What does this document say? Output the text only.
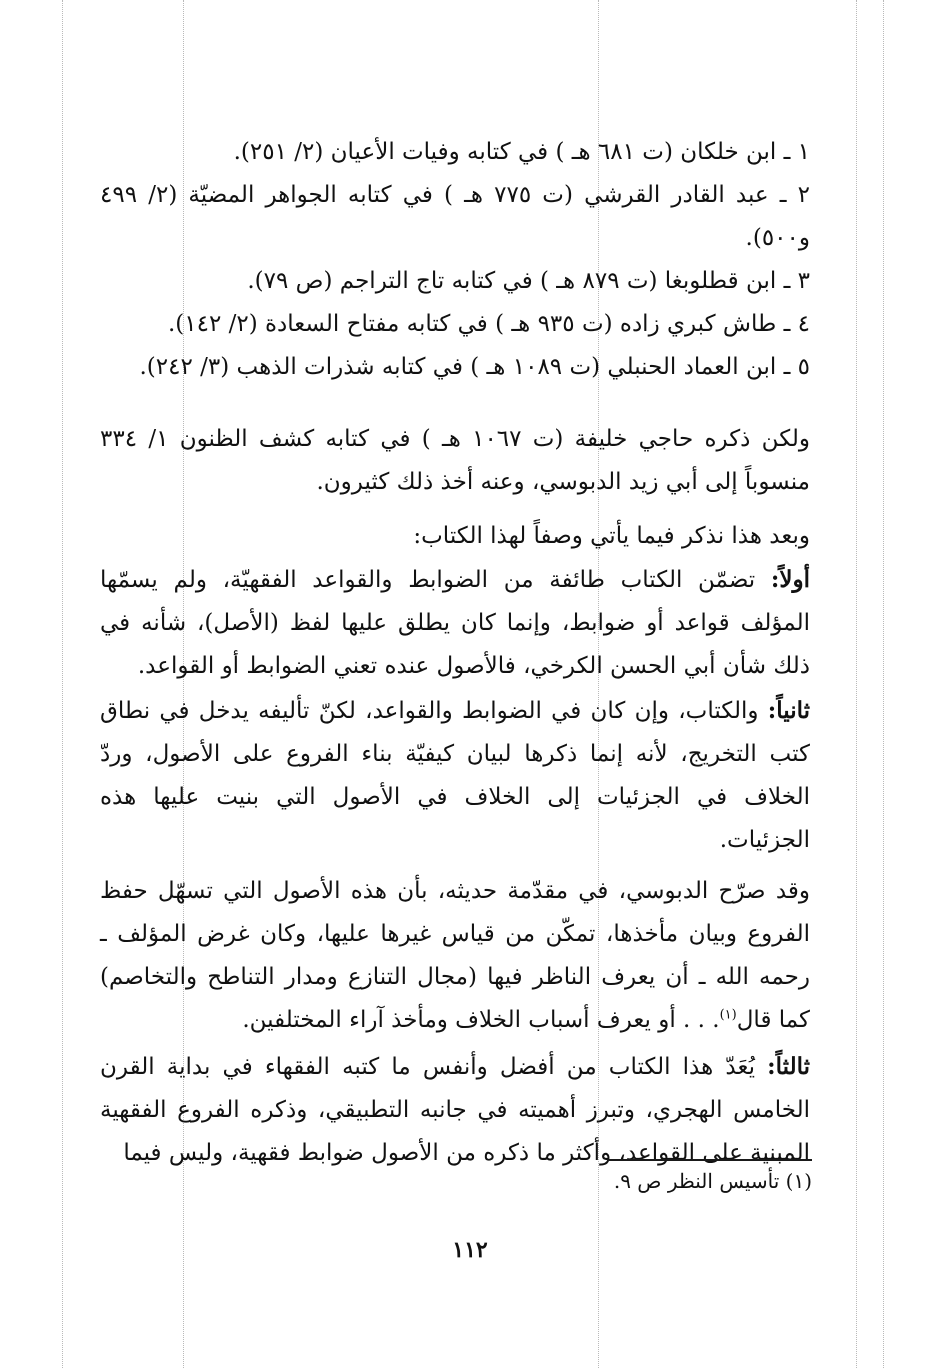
١ ـ ابن خلكان (ت ٦٨١ هـ ) في كتابه وفيات الأعيان (٢/ ٢٥١).
٢ ـ عبد القادر القرشي (ت ٧٧٥ هـ ) في كتابه الجواهر المضيّة (٢/ ٤٩٩ و٥٠٠).
٣ ـ ابن قطلوبغا (ت ٨٧٩ هـ ) في كتابه تاج التراجم (ص ٧٩).
٤ ـ طاش كبري زاده (ت ٩٣٥ هـ ) في كتابه مفتاح السعادة (٢/ ١٤٢).
٥ ـ ابن العماد الحنبلي (ت ١٠٨٩ هـ ) في كتابه شذرات الذهب (٣/ ٢٤٢).

ولكن ذكره حاجي خليفة (ت ١٠٦٧ هـ ) في كتابه كشف الظنون ١/ ٣٣٤ منسوباً إلى أبي زيد الدبوسي، وعنه أخذ ذلك كثيرون.

وبعد هذا نذكر فيما يأتي وصفاً لهذا الكتاب:

أولاً: تضمّن الكتاب طائفة من الضوابط والقواعد الفقهيّة، ولم يسمّها المؤلف قواعد أو ضوابط، وإنما كان يطلق عليها لفظ (الأصل)، شأنه في ذلك شأن أبي الحسن الكرخي، فالأصول عنده تعني الضوابط أو القواعد.

ثانياً: والكتاب، وإن كان في الضوابط والقواعد، لكنّ تأليفه يدخل في نطاق كتب التخريج، لأنه إنما ذكرها لبيان كيفيّة بناء الفروع على الأصول، وردّ الخلاف في الجزئيات إلى الخلاف في الأصول التي بنيت عليها هذه الجزئيات.

وقد صرّح الدبوسي، في مقدّمة حديثه، بأن هذه الأصول التي تسهّل حفظ الفروع وبيان مأخذها، تمكّن من قياس غيرها عليها، وكان غرض المؤلف ـ رحمه الله ـ أن يعرف الناظر فيها (مجال التنازع ومدار التناطح والتخاصم) كما قال$^{(١)}$. . . أو يعرف أسباب الخلاف ومأخذ آراء المختلفين.

ثالثاً: يُعَدّ هذا الكتاب من أفضل وأنفس ما كتبه الفقهاء في بداية القرن الخامس الهجري، وتبرز أهميته في جانبه التطبيقي، وذكره الفروع الفقهية المبنية على القواعد، وأكثر ما ذكره من الأصول ضوابط فقهية، وليس فيما

(١) تأسيس النظر ص ٩.
١١٢
